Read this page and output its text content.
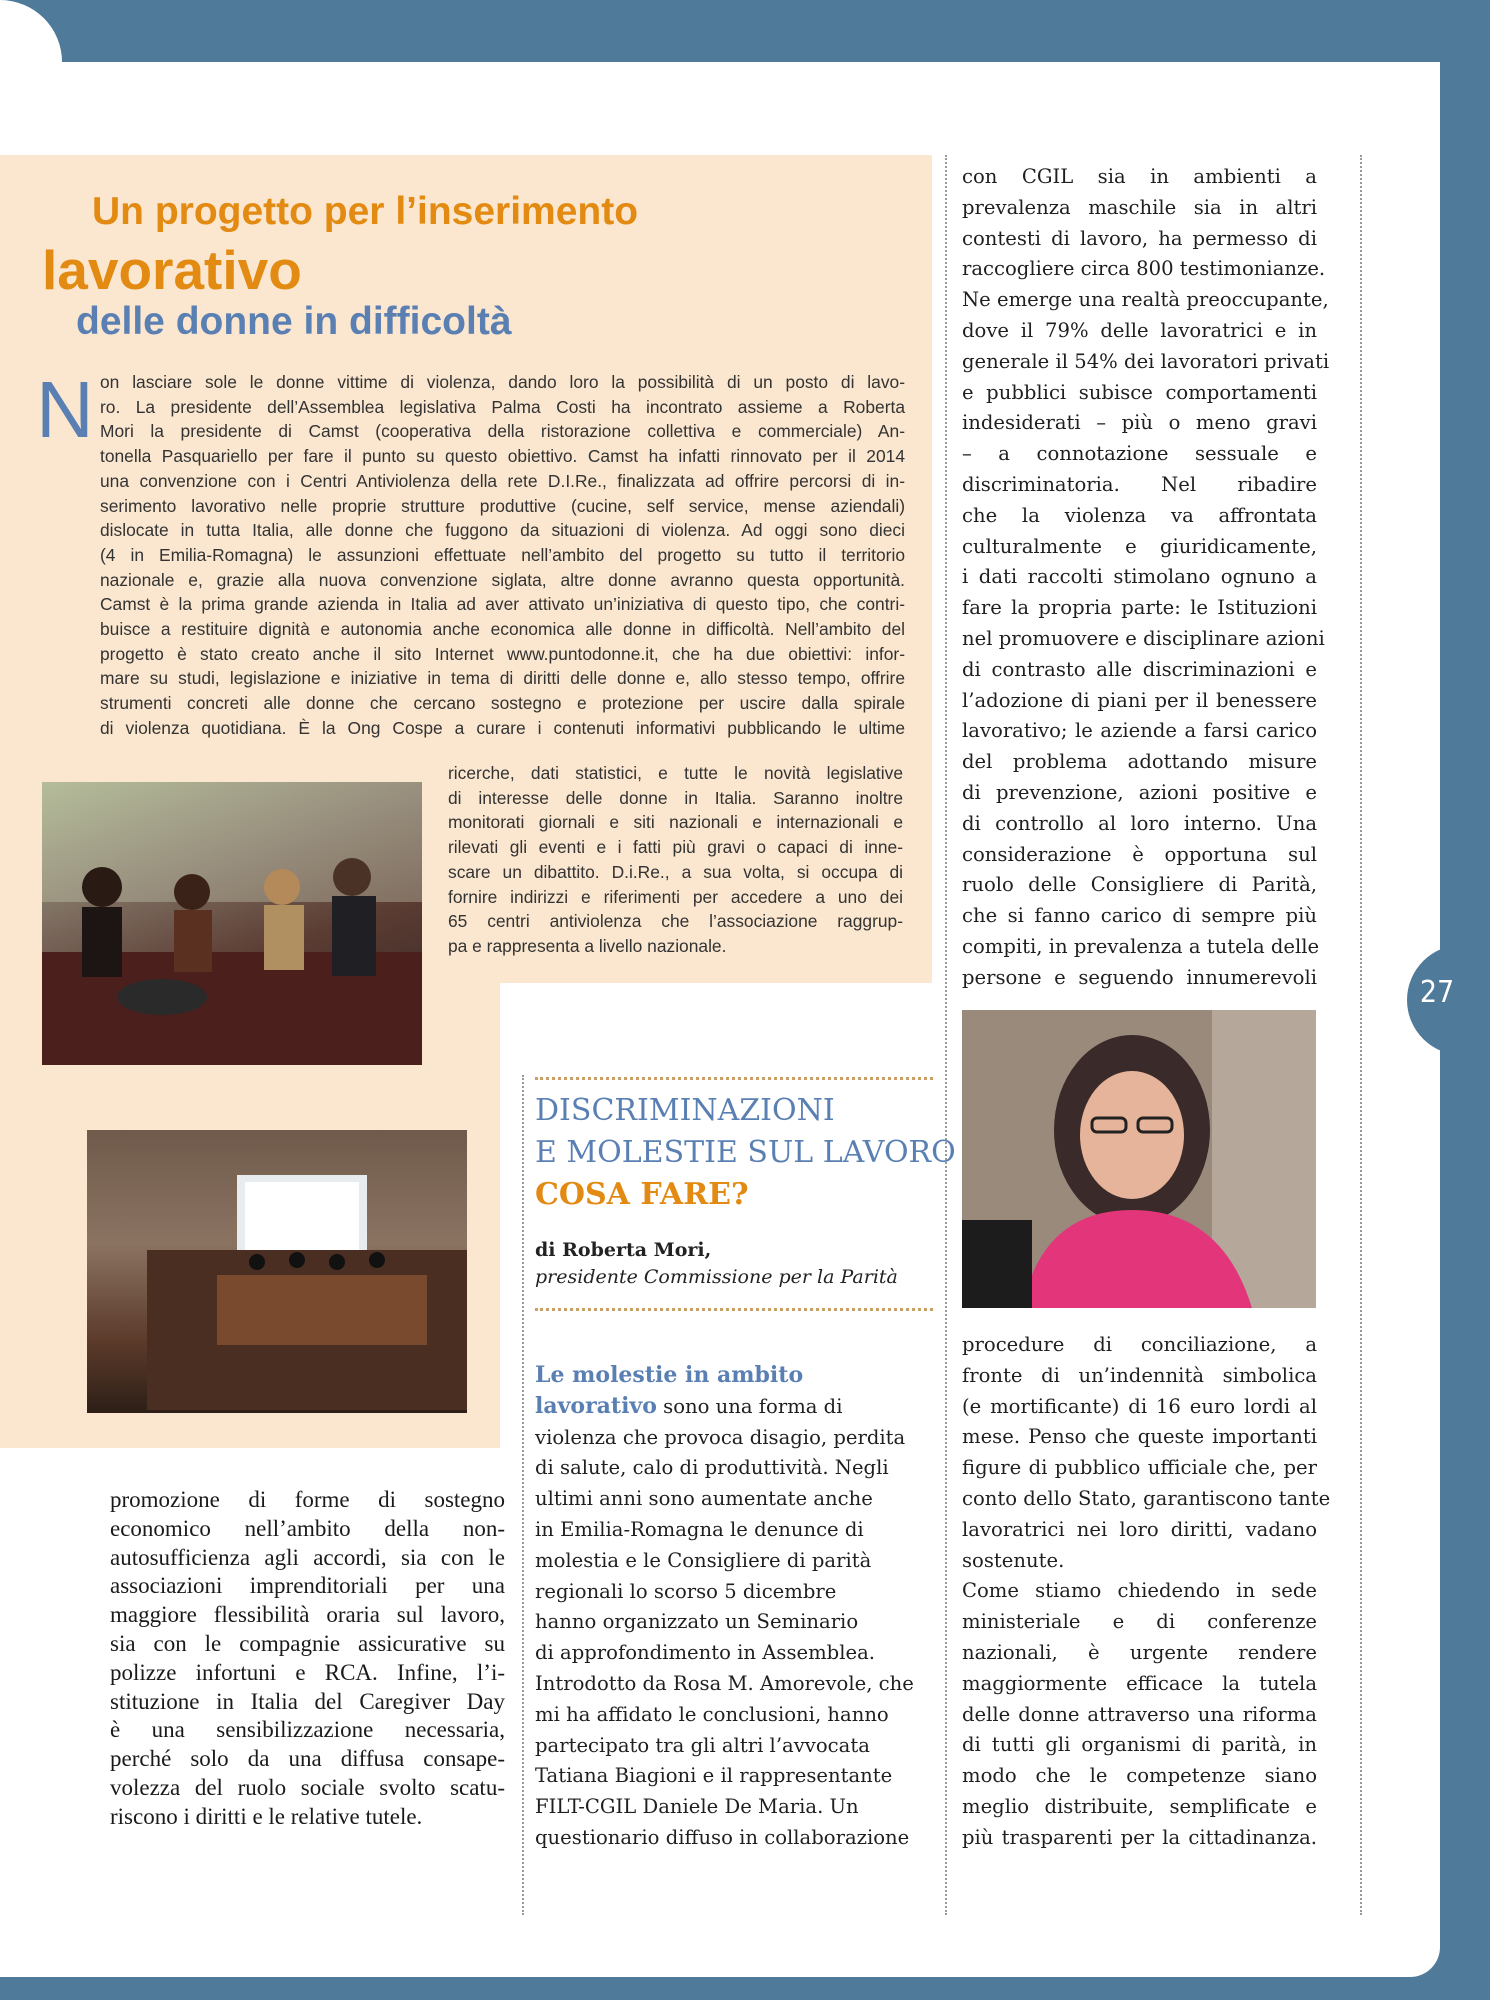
27
Un progetto per l’inserimento
lavorativo
delle donne in difficoltà
N on lasciare sole le donne vittime di violenza, dando loro la possibilità di un posto di lavo-
ro. La presidente dell’Assemblea legislativa Palma Costi ha incontrato assieme a Roberta
Mori la presidente di Camst (cooperativa della ristorazione collettiva e commerciale) An-
tonella Pasquariello per fare il punto su questo obiettivo. Camst ha infatti rinnovato per il 2014
una convenzione con i Centri Antiviolenza della rete D.I.Re., finalizzata ad offrire percorsi di in-
serimento lavorativo nelle proprie strutture produttive (cucine, self service, mense aziendali)
dislocate in tutta Italia, alle donne che fuggono da situazioni di violenza. Ad oggi sono dieci
(4 in Emilia-Romagna) le assunzioni effettuate nell’ambito del progetto su tutto il territorio
nazionale e, grazie alla nuova convenzione siglata, altre donne avranno questa opportunità.
Camst è la prima grande azienda in Italia ad aver attivato un’iniziativa di questo tipo, che contri-
buisce a restituire dignità e autonomia anche economica alle donne in difficoltà. Nell’ambito del
progetto è stato creato anche il sito Internet www.puntodonne.it, che ha due obiettivi: infor-
mare su studi, legislazione e iniziative in tema di diritti delle donne e, allo stesso tempo, offrire
strumenti concreti alle donne che cercano sostegno e protezione per uscire dalla spirale
di violenza quotidiana. È la Ong Cospe a curare i contenuti informativi pubblicando le ultime
ricerche, dati statistici, e tutte le novità legislative
di interesse delle donne in Italia. Saranno inoltre
monitorati giornali e siti nazionali e internazionali e
rilevati gli eventi e i fatti più gravi o capaci di inne-
scare un dibattito. D.i.Re., a sua volta, si occupa di
fornire indirizzi e riferimenti per accedere a uno dei
65 centri antiviolenza che l’associazione raggrup-
pa e rappresenta a livello nazionale.
promozione di forme di sostegno
economico nell’ambito della non-
autosufficienza agli accordi, sia con le
associazioni imprenditoriali per una
maggiore flessibilità oraria sul lavoro,
sia con le compagnie assicurative su
polizze infortuni e RCA. Infine, l’i-
stituzione in Italia del Caregiver Day
è una sensibilizzazione necessaria,
perché solo da una diffusa consape-
volezza del ruolo sociale svolto scatu-
riscono i diritti e le relative tutele.
DISCRIMINAZIONI
E MOLESTIE SUL LAVORO
COSA FARE?
di Roberta Mori,
presidente Commissione per la Parità
Le molestie in ambito
lavorativo sono una forma di
violenza che provoca disagio, perdita
di salute, calo di produttività. Negli
ultimi anni sono aumentate anche
in Emilia-Romagna le denunce di
molestia e le Consigliere di parità
regionali lo scorso 5 dicembre
hanno organizzato un Seminario
di approfondimento in Assemblea.
Introdotto da Rosa M. Amorevole, che
mi ha affidato le conclusioni, hanno
partecipato tra gli altri l’avvocata
Tatiana Biagioni e il rappresentante
FILT-CGIL Daniele De Maria. Un
questionario diffuso in collaborazione
con CGIL sia in ambienti a
prevalenza maschile sia in altri
contesti di lavoro, ha permesso di
raccogliere circa 800 testimonianze.
Ne emerge una realtà preoccupante,
dove il 79% delle lavoratrici e in
generale il 54% dei lavoratori privati
e pubblici subisce comportamenti
indesiderati – più o meno gravi
– a connotazione sessuale e
discriminatoria. Nel ribadire
che la violenza va affrontata
culturalmente e giuridicamente,
i dati raccolti stimolano ognuno a
fare la propria parte: le Istituzioni
nel promuovere e disciplinare azioni
di contrasto alle discriminazioni e
l’adozione di piani per il benessere
lavorativo; le aziende a farsi carico
del problema adottando misure
di prevenzione, azioni positive e
di controllo al loro interno. Una
considerazione è opportuna sul
ruolo delle Consigliere di Parità,
che si fanno carico di sempre più
compiti, in prevalenza a tutela delle
persone e seguendo innumerevoli
procedure di conciliazione, a
fronte di un’indennità simbolica
(e mortificante) di 16 euro lordi al
mese. Penso che queste importanti
figure di pubblico ufficiale che, per
conto dello Stato, garantiscono tante
lavoratrici nei loro diritti, vadano
sostenute.
Come stiamo chiedendo in sede
ministeriale e di conferenze
nazionali, è urgente rendere
maggiormente efficace la tutela
delle donne attraverso una riforma
di tutti gli organismi di parità, in
modo che le competenze siano
meglio distribuite, semplificate e
più trasparenti per la cittadinanza.
